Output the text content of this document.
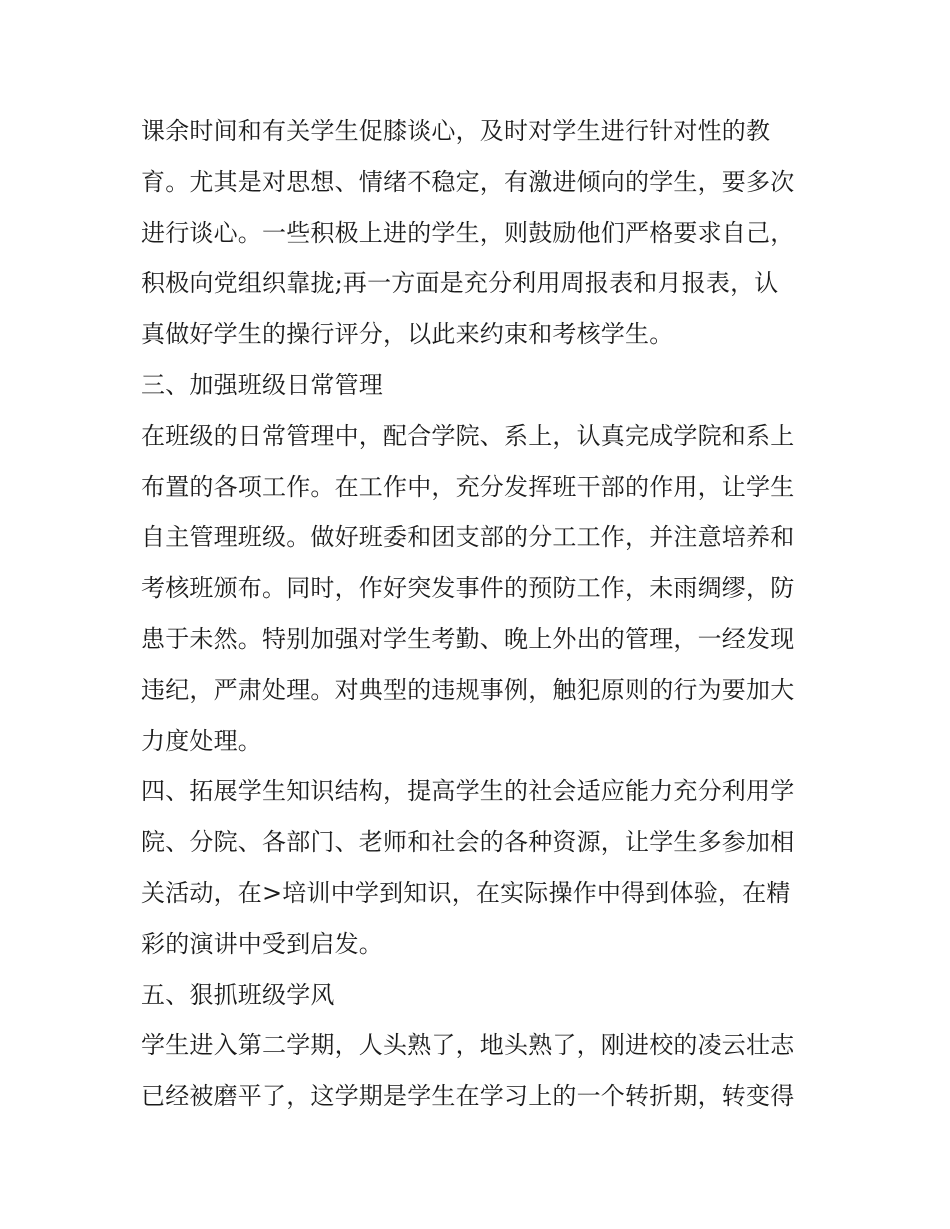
课余时间和有关学生促膝谈心，及时对学生进行针对性的教
育。尤其是对思想、情绪不稳定，有激进倾向的学生，要多次
进行谈心。一些积极上进的学生，则鼓励他们严格要求自己，
积极向党组织靠拢;再一方面是充分利用周报表和月报表，认
真做好学生的操行评分，以此来约束和考核学生。
三、加强班级日常管理
在班级的日常管理中，配合学院、系上，认真完成学院和系上
布置的各项工作。在工作中，充分发挥班干部的作用，让学生
自主管理班级。做好班委和团支部的分工工作，并注意培养和
考核班颁布。同时，作好突发事件的预防工作，未雨绸缪，防
患于未然。特别加强对学生考勤、晚上外出的管理，一经发现
违纪，严肃处理。对典型的违规事例，触犯原则的行为要加大
力度处理。
四、拓展学生知识结构，提高学生的社会适应能力充分利用学
院、分院、各部门、老师和社会的各种资源，让学生多参加相
关活动，在>培训中学到知识，在实际操作中得到体验，在精
彩的演讲中受到启发。
五、狠抓班级学风
学生进入第二学期，人头熟了，地头熟了，刚进校的凌云壮志
已经被磨平了，这学期是学生在学习上的一个转折期，转变得
